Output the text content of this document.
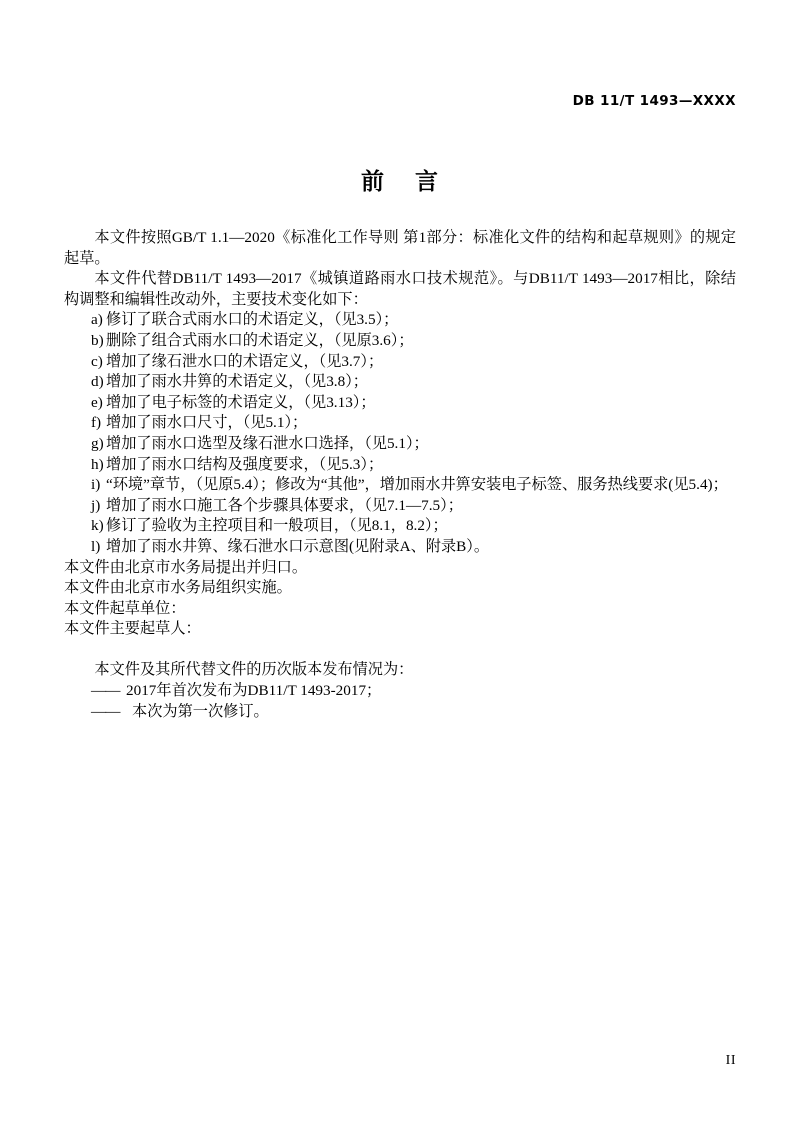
DB 11/T 1493—XXXX
前 言

本文件按照GB/T 1.1—2020《标准化工作导则 第1部分：标准化文件的结构和起草规则》的规定起草。

本文件代替DB11/T 1493—2017《城镇道路雨水口技术规范》。与DB11/T 1493—2017相比，除结构调整和编辑性改动外，主要技术变化如下：

a) 修订了联合式雨水口的术语定义，（见3.5）；
b) 删除了组合式雨水口的术语定义，（见原3.6）；
c) 增加了缘石泄水口的术语定义，（见3.7）；
d) 增加了雨水井箅的术语定义，（见3.8）；
e) 增加了电子标签的术语定义，（见3.13）；
f) 增加了雨水口尺寸，（见5.1）；
g) 增加了雨水口选型及缘石泄水口选择，（见5.1）；
h) 增加了雨水口结构及强度要求，（见5.3）；
i) “环境”章节，（见原5.4）；修改为“其他”，增加雨水井箅安装电子标签、服务热线要求(见5.4)；
j) 增加了雨水口施工各个步骤具体要求，（见7.1—7.5）；
k) 修订了验收为主控项目和一般项目，（见8.1，8.2）；
l) 增加了雨水井箅、缘石泄水口示意图(见附录A、附录B）。

本文件由北京市水务局提出并归口。

本文件由北京市水务局组织实施。

本文件起草单位：

本文件主要起草人：

本文件及其所代替文件的历次版本发布情况为：

—— 2017年首次发布为DB11/T 1493-2017；
—— 本次为第一次修订。
II
